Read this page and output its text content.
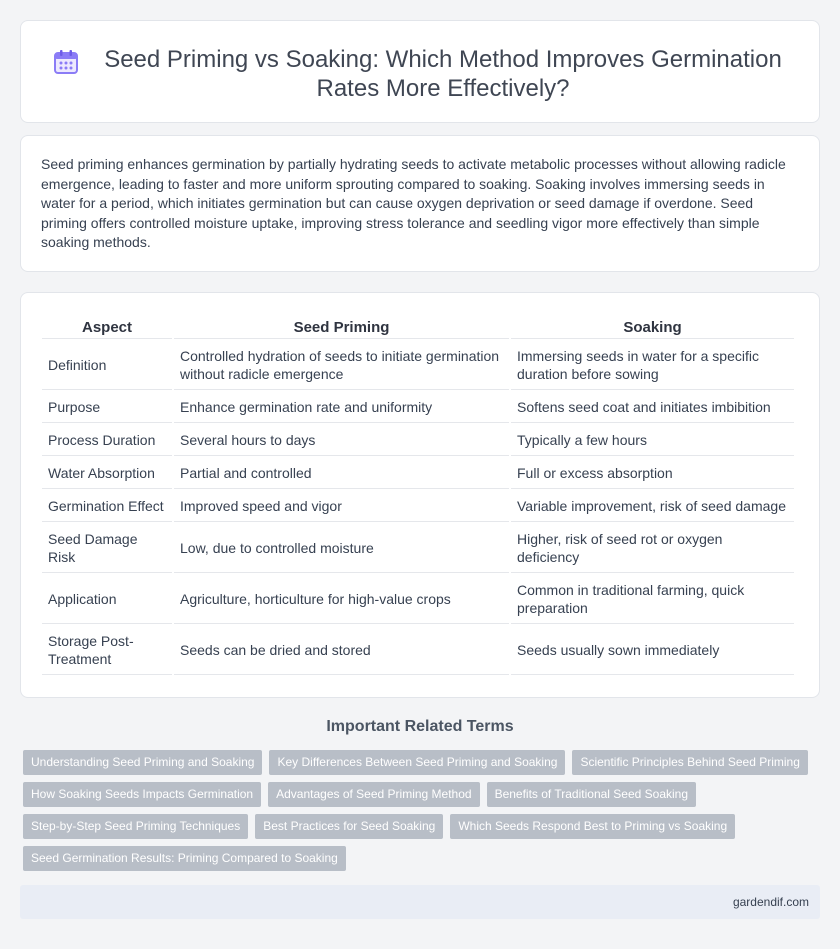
Seed Priming vs Soaking: Which Method Improves Germination Rates More Effectively?

Seed priming enhances germination by partially hydrating seeds to activate metabolic processes without allowing radicle emergence, leading to faster and more uniform sprouting compared to soaking. Soaking involves immersing seeds in water for a period, which initiates germination but can cause oxygen deprivation or seed damage if overdone. Seed priming offers controlled moisture uptake, improving stress tolerance and seedling vigor more effectively than simple soaking methods.

Aspect	Seed Priming	Soaking
Definition	Controlled hydration of seeds to initiate germination without radicle emergence	Immersing seeds in water for a specific duration before sowing
Purpose	Enhance germination rate and uniformity	Softens seed coat and initiates imbibition
Process Duration	Several hours to days	Typically a few hours
Water Absorption	Partial and controlled	Full or excess absorption
Germination Effect	Improved speed and vigor	Variable improvement, risk of seed damage
Seed Damage Risk	Low, due to controlled moisture	Higher, risk of seed rot or oxygen deficiency
Application	Agriculture, horticulture for high-value crops	Common in traditional farming, quick preparation
Storage Post-Treatment	Seeds can be dried and stored	Seeds usually sown immediately
Important Related Terms
Understanding Seed Priming and Soaking	Key Differences Between Seed Priming and Soaking	Scientific Principles Behind Seed Priming
How Soaking Seeds Impacts Germination	Advantages of Seed Priming Method	Benefits of Traditional Seed Soaking
Step-by-Step Seed Priming Techniques	Best Practices for Seed Soaking	Which Seeds Respond Best to Priming vs Soaking
Seed Germination Results: Priming Compared to Soaking
gardendif.com
